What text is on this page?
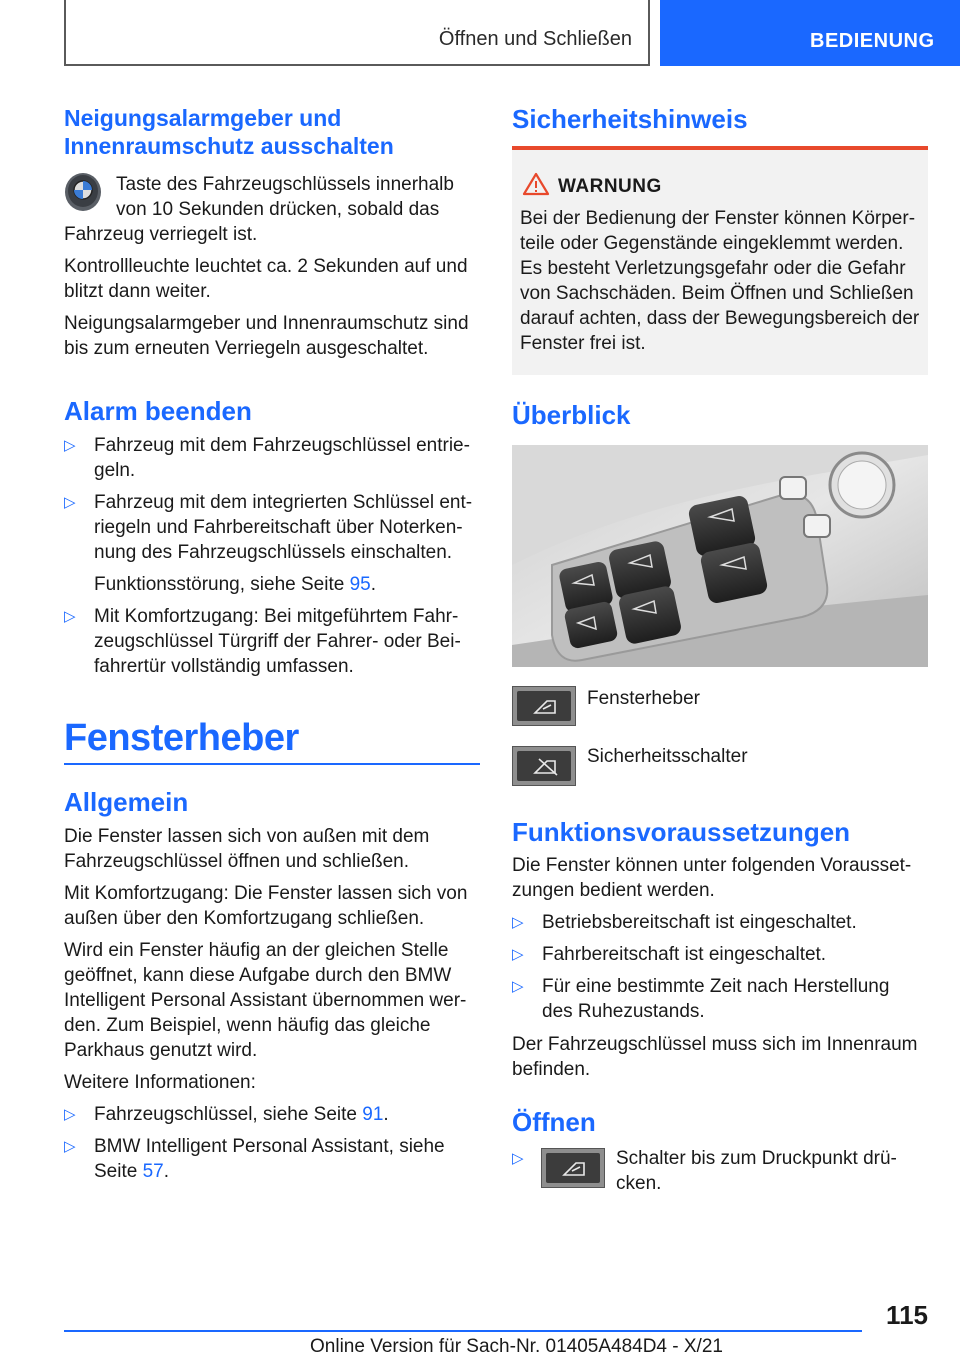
Öffnen und Schließen	BEDIENUNG
Neigungsalarmgeber und
Innenraumschutz ausschalten
Taste des Fahrzeugschlüssels innerhalb
von 10 Sekunden drücken, sobald das
Fahrzeug verriegelt ist.
Kontrollleuchte leuchtet ca. 2 Sekunden auf und
blitzt dann weiter.
Neigungsalarmgeber und Innenraumschutz sind
bis zum erneuten Verriegeln ausgeschaltet.
Alarm beenden
▷ Fahrzeug mit dem Fahrzeugschlüssel entrie-
geln.
▷ Fahrzeug mit dem integrierten Schlüssel ent-
riegeln und Fahrbereitschaft über Noterken-
nung des Fahrzeugschlüssels einschalten.
Funktionsstörung, siehe Seite 95.
▷ Mit Komfortzugang: Bei mitgeführtem Fahr-
zeugschlüssel Türgriff der Fahrer- oder Bei-
fahrertür vollständig umfassen.
Fensterheber
Allgemein
Die Fenster lassen sich von außen mit dem
Fahrzeugschlüssel öffnen und schließen.
Mit Komfortzugang: Die Fenster lassen sich von
außen über den Komfortzugang schließen.
Wird ein Fenster häufig an der gleichen Stelle
geöffnet, kann diese Aufgabe durch den BMW
Intelligent Personal Assistant übernommen wer-
den. Zum Beispiel, wenn häufig das gleiche
Parkhaus genutzt wird.
Weitere Informationen:
▷ Fahrzeugschlüssel, siehe Seite 91.
▷ BMW Intelligent Personal Assistant, siehe
Seite 57.
Sicherheitshinweis
WARNUNG
Bei der Bedienung der Fenster können Körper-
teile oder Gegenstände eingeklemmt werden.
Es besteht Verletzungsgefahr oder die Gefahr
von Sachschäden. Beim Öffnen und Schließen
darauf achten, dass der Bewegungsbereich der
Fenster frei ist.
Überblick
Fensterheber
Sicherheitsschalter
Funktionsvoraussetzungen
Die Fenster können unter folgenden Vorausset-
zungen bedient werden.
▷ Betriebsbereitschaft ist eingeschaltet.
▷ Fahrbereitschaft ist eingeschaltet.
▷ Für eine bestimmte Zeit nach Herstellung
des Ruhezustands.
Der Fahrzeugschlüssel muss sich im Innenraum
befinden.
Öffnen
▷	Schalter bis zum Druckpunkt drü-
cken.
115
Online Version für Sach-Nr. 01405A484D4 - X/21
